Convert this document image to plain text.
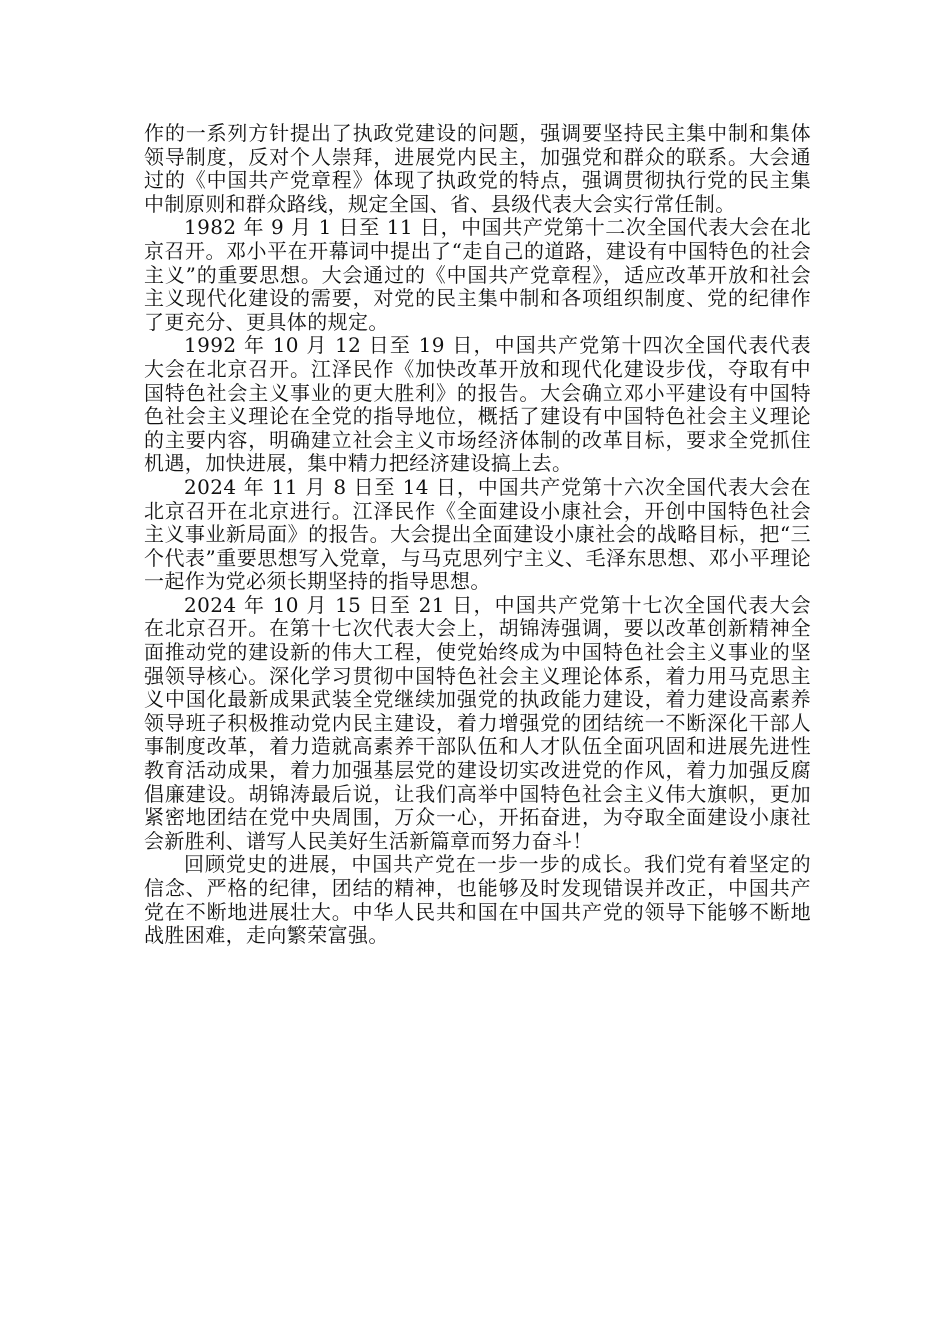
作的一系列方针提出了执政党建设的问题，强调要坚持民主集中制和集体领导制度，反对个人崇拜，进展党内民主，加强党和群众的联系。大会通过的《中国共产党章程》体现了执政党的特点，强调贯彻执行党的民主集中制原则和群众路线，规定全国、省、县级代表大会实行常任制。

1982 年 9 月 1 日至 11 日，中国共产党第十二次全国代表大会在北京召开。邓小平在开幕词中提出了“走自己的道路，建设有中国特色的社会主义”的重要思想。大会通过的《中国共产党章程》，适应改革开放和社会主义现代化建设的需要，对党的民主集中制和各项组织制度、党的纪律作了更充分、更具体的规定。

1992 年 10 月 12 日至 19 日，中国共产党第十四次全国代表代表大会在北京召开。江泽民作《加快改革开放和现代化建设步伐，夺取有中国特色社会主义事业的更大胜利》的报告。大会确立邓小平建设有中国特色社会主义理论在全党的指导地位，概括了建设有中国特色社会主义理论的主要内容，明确建立社会主义市场经济体制的改革目标，要求全党抓住机遇，加快进展，集中精力把经济建设搞上去。

2024 年 11 月 8 日至 14 日，中国共产党第十六次全国代表大会在北京召开在北京进行。江泽民作《全面建设小康社会，开创中国特色社会主义事业新局面》的报告。大会提出全面建设小康社会的战略目标，把“三个代表”重要思想写入党章，与马克思列宁主义、毛泽东思想、邓小平理论一起作为党必须长期坚持的指导思想。

2024 年 10 月 15 日至 21 日，中国共产党第十七次全国代表大会在北京召开。在第十七次代表大会上，胡锦涛强调，要以改革创新精神全面推动党的建设新的伟大工程，使党始终成为中国特色社会主义事业的坚强领导核心。深化学习贯彻中国特色社会主义理论体系，着力用马克思主义中国化最新成果武装全党继续加强党的执政能力建设，着力建设高素养领导班子积极推动党内民主建设，着力增强党的团结统一不断深化干部人事制度改革，着力造就高素养干部队伍和人才队伍全面巩固和进展先进性教育活动成果，着力加强基层党的建设切实改进党的作风，着力加强反腐倡廉建设。胡锦涛最后说，让我们高举中国特色社会主义伟大旗帜，更加紧密地团结在党中央周围，万众一心，开拓奋进，为夺取全面建设小康社会新胜利、谱写人民美好生活新篇章而努力奋斗！

回顾党史的进展，中国共产党在一步一步的成长。我们党有着坚定的信念、严格的纪律，团结的精神，也能够及时发现错误并改正，中国共产党在不断地进展壮大。中华人民共和国在中国共产党的领导下能够不断地战胜困难，走向繁荣富强。
